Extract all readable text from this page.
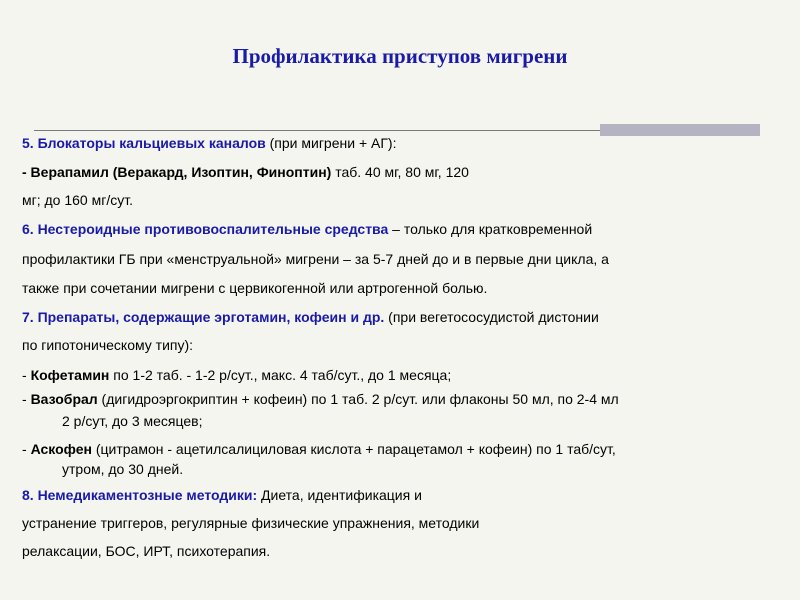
Профилактика приступов мигрени
5. Блокаторы кальциевых каналов (при мигрени + АГ):
- Верапамил (Веракард, Изоптин, Финоптин) таб. 40 мг, 80 мг, 120
мг; до 160 мг/сут.
6. Нестероидные противовоспалительные средства – только для кратковременной
профилактики ГБ при «менструальной» мигрени – за 5-7 дней до и в первые дни цикла, а
также при сочетании мигрени с цервикогенной или артрогенной болью.
7. Препараты, содержащие эрготамин, кофеин и др. (при вегетососудистой дистонии
по гипотоническому типу):
- Кофетамин по 1-2 таб. - 1-2 р/сут., макс. 4 таб/сут., до 1 месяца;
- Вазобрал (дигидроэргокриптин + кофеин) по 1 таб. 2 р/сут. или флаконы 50 мл, по 2-4 мл
2 р/сут, до 3 месяцев;
- Аскофен (цитрамон - ацетилсалициловая кислота + парацетамол + кофеин) по 1 таб/сут,
утром, до 30 дней.
8. Немедикаментозные методики: Диета, идентификация и
устранение триггеров, регулярные физические упражнения, методики
релаксации, БОС, ИРТ, психотерапия.
